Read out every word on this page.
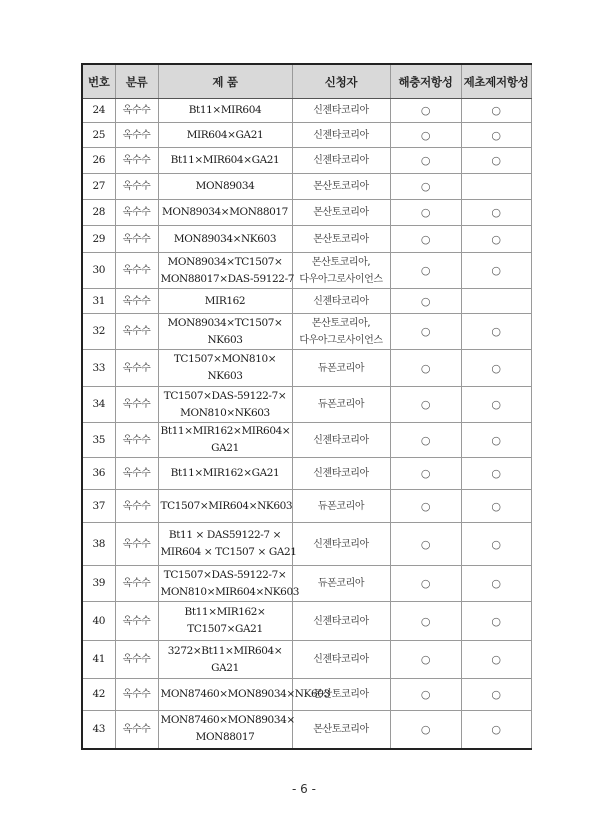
번호	분류	제 품	신청자	해충저항성	제초제저항성
24	옥수수	Bt11×MIR604	신젠타코리아	○	○
25	옥수수	MIR604×GA21	신젠타코리아	○	○
26	옥수수	Bt11×MIR604×GA21	신젠타코리아	○	○
27	옥수수	MON89034	몬산토코리아	○	
28	옥수수	MON89034×MON88017	몬산토코리아	○	○
29	옥수수	MON89034×NK603	몬산토코리아	○	○
30	옥수수	MON89034×TC1507×
MON88017×DAS-59122-7	몬산토코리아,
다우아그로사이언스	○	○
31	옥수수	MIR162	신젠타코리아	○	
32	옥수수	MON89034×TC1507×
NK603	몬산토코리아,
다우아그로사이언스	○	○
33	옥수수	TC1507×MON810×
NK603	듀폰코리아	○	○
34	옥수수	TC1507×DAS-59122-7×
MON810×NK603	듀폰코리아	○	○
35	옥수수	Bt11×MIR162×MIR604×
GA21	신젠타코리아	○	○
36	옥수수	Bt11×MIR162×GA21	신젠타코리아	○	○
37	옥수수	TC1507×MIR604×NK603	듀폰코리아	○	○
38	옥수수	Bt11 × DAS59122-7 ×
MIR604 × TC1507 × GA21	신젠타코리아	○	○
39	옥수수	TC1507×DAS-59122-7×
MON810×MIR604×NK603	듀폰코리아	○	○
40	옥수수	Bt11×MIR162×
TC1507×GA21	신젠타코리아	○	○
41	옥수수	3272×Bt11×MIR604×
GA21	신젠타코리아	○	○
42	옥수수	MON87460×MON89034×NK603	몬산토코리아	○	○
43	옥수수	MON87460×MON89034×
MON88017	몬산토코리아	○	○
- 6 -
